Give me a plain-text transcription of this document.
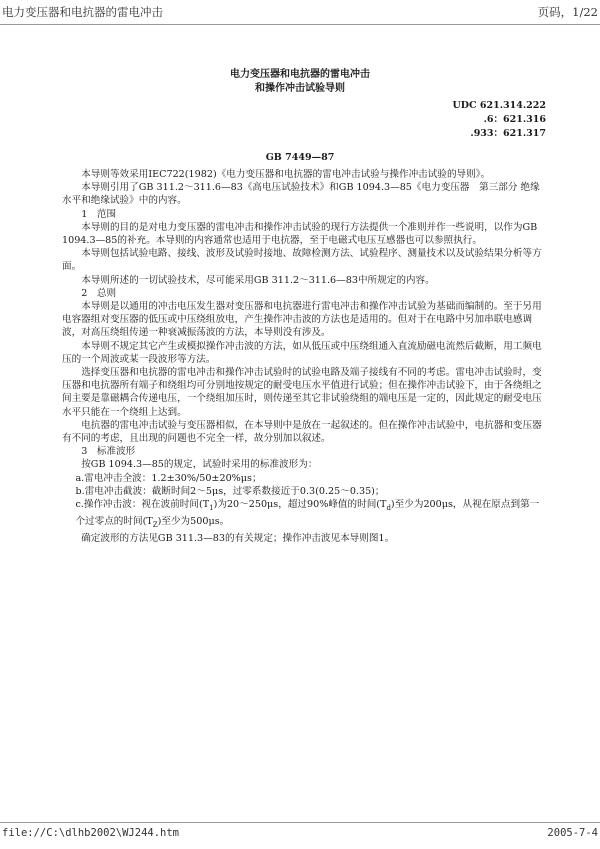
电力变压器和电抗器的雷电冲击	页码，1/22
电力变压器和电抗器的雷电冲击
和操作冲击试验导则
UDC 621.314.222
.6：621.316
.933：621.317
GB 7449—87

本导则等效采用IEC722(1982)《电力变压器和电抗器的雷电冲击试验与操作冲击试验的导则》。

本导则引用了GB 311.2～311.6—83《高电压试验技术》和GB 1094.3—85《电力变压器　第三部分 绝缘水平和绝缘试验》中的内容。

1　范围

本导则的目的是对电力变压器的雷电冲击和操作冲击试验的现行方法提供一个准则并作一些说明，以作为GB 1094.3—85的补充。本导则的内容通常也适用于电抗器，至于电磁式电压互感器也可以参照执行。

本导则包括试验电路、接线、波形及试验时接地、故障检测方法、试验程序、测量技术以及试验结果分析等方面。

本导则所述的一切试验技术，尽可能采用GB 311.2～311.6—83中所规定的内容。

2　总则

本导则是以通用的冲击电压发生器对变压器和电抗器进行雷电冲击和操作冲击试验为基础而编制的。至于另用电容器组对变压器的低压或中压绕组放电，产生操作冲击波的方法也是适用的。但对于在电路中另加串联电感调波，对高压绕组传递一种衰减振荡波的方法，本导则没有涉及。

本导则不规定其它产生或模拟操作冲击波的方法，如从低压或中压绕组通入直流励磁电流然后截断，用工频电压的一个周波或某一段波形等方法。

选择变压器和电抗器的雷电冲击和操作冲击试验时的试验电路及端子接线有不同的考虑。雷电冲击试验时，变压器和电抗器所有端子和绕组均可分别地按规定的耐受电压水平值进行试验；但在操作冲击试验下，由于各绕组之间主要是靠磁耦合传递电压，一个绕组加压时，则传递至其它非试验绕组的端电压是一定的，因此规定的耐受电压水平只能在一个绕组上达到。

电抗器的雷电冲击试验与变压器相似，在本导则中是放在一起叙述的。但在操作冲击试验中，电抗器和变压器有不同的考虑，且出现的问题也不完全一样，故分别加以叙述。

3　标准波形

按GB 1094.3—85的规定，试验时采用的标准波形为：

a.雷电冲击全波：1.2±30%/50±20%μs；

b.雷电冲击截波：截断时间2～5μs，过零系数接近于0.3(0.25～0.35)；

c.操作冲击波：视在波前时间$(T_1)$为20～250μs，超过90%峰值的时间$(T_d)$至少为200μs，从视在原点到第一个过零点的时间$(T_Z)$至少为500μs。

确定波形的方法见GB 311.3—83的有关规定；操作冲击波见本导则图1。

file://C:\dlhb2002\WJ244.htm	2005-7-4
